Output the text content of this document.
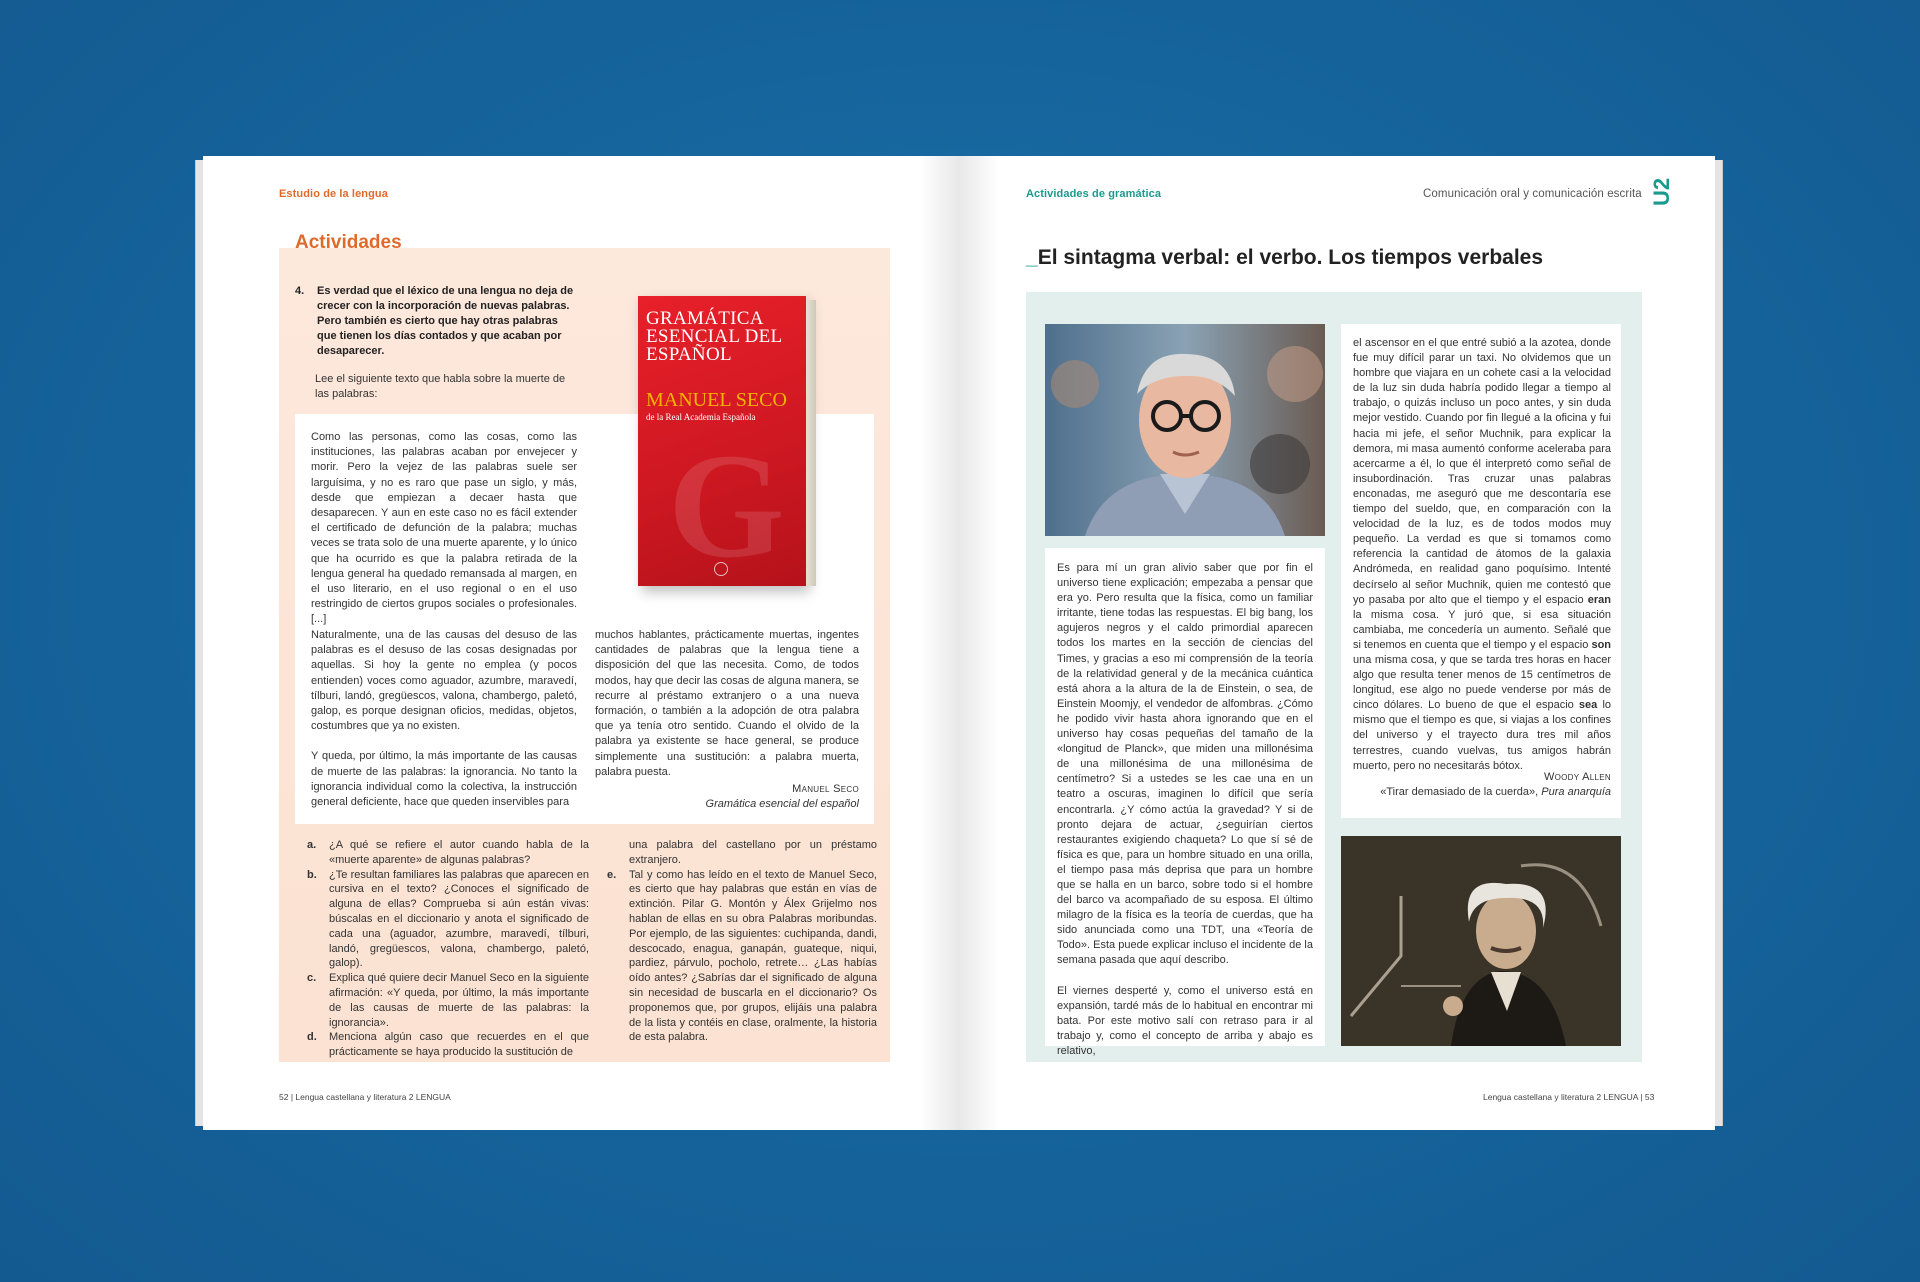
Estudio de la lengua
Actividades
4.	Es verdad que el léxico de una lengua no deja de crecer con la incorporación de nuevas palabras. Pero también es cierto que hay otras palabras que tienen los días contados y que acaban por desaparecer.
Lee el siguiente texto que habla sobre la muerte de las palabras:
G
GRAMÁTICA ESENCIAL DEL ESPAÑOL
MANUEL SECO
de la Real Academia Española

Como las personas, como las cosas, como las instituciones, las palabras acaban por envejecer y morir. Pero la vejez de las palabras suele ser larguísima, y no es raro que pase un siglo, y más, desde que empiezan a decaer hasta que desaparecen. Y aun en este caso no es fácil extender el certificado de defunción de la palabra; muchas veces se trata solo de una muerte aparente, y lo único que ha ocurrido es que la palabra retirada de la lengua general ha quedado remansada al margen, en el uso literario, en el uso regional o en el uso restringido de ciertos grupos sociales o profesionales. [...]

Naturalmente, una de las causas del desuso de las palabras es el desuso de las cosas designadas por aquellas. Si hoy la gente no emplea (y pocos entienden) voces como aguador, azumbre, maravedí, tílburi, landó, gregüescos, valona, chambergo, paletó, galop, es porque designan oficios, medidas, objetos, costumbres que ya no existen.

Y queda, por último, la más importante de las causas de muerte de las palabras: la ignorancia. No tanto la ignorancia individual como la colectiva, la instrucción general deficiente, hace que queden inservibles para

muchos hablantes, prácticamente muertas, ingentes cantidades de palabras que la lengua tiene a disposición del que las necesita. Como, de todos modos, hay que decir las cosas de alguna manera, se recurre al préstamo extranjero o a una nueva formación, o también a la adopción de otra palabra que ya tenía otro sentido. Cuando el olvido de la palabra ya existente se hace general, se produce simplemente una sustitución: a palabra muerta, palabra puesta.

Manuel Seco
Gramática esencial del español
a. ¿A qué se refiere el autor cuando habla de la «muerte aparente» de algunas palabras?
b. ¿Te resultan familiares las palabras que aparecen en cursiva en el texto? ¿Conoces el significado de alguna de ellas? Comprueba si aún están vivas: búscalas en el diccionario y anota el significado de cada una (aguador, azumbre, maravedí, tílburi, landó, gregüescos, valona, chambergo, paletó, galop).
c. Explica qué quiere decir Manuel Seco en la siguiente afirmación: «Y queda, por último, la más importante de las causas de muerte de las palabras: la ignorancia».
d. Menciona algún caso que recuerdes en el que prácticamente se haya producido la sustitución de
una palabra del castellano por un préstamo extranjero.
e. Tal y como has leído en el texto de Manuel Seco, es cierto que hay palabras que están en vías de extinción. Pilar G. Montón y Álex Grijelmo nos hablan de ellas en su obra Palabras moribundas. Por ejemplo, de las siguientes: cuchipanda, dandi, descocado, enagua, ganapán, guateque, niqui, pardiez, párvulo, pocholo, retrete… ¿Las habías oído antes? ¿Sabrías dar el significado de alguna sin necesidad de buscarla en el diccionario? Os proponemos que, por grupos, elijáis una palabra de la lista y contéis en clase, oralmente, la historia de esta palabra.
52 | Lengua castellana y literatura 2 LENGUA
Actividades de gramática	Comunicación oral y comunicación escrita U2
_El sintagma verbal: el verbo. Los tiempos verbales

Es para mí un gran alivio saber que por fin el universo tiene explicación; empezaba a pensar que era yo. Pero resulta que la física, como un familiar irritante, tiene todas las respuestas. El big bang, los agujeros negros y el caldo primordial aparecen todos los martes en la sección de ciencias del Times, y gracias a eso mi comprensión de la teoría de la relatividad general y de la mecánica cuántica está ahora a la altura de la de Einstein, o sea, de Einstein Moomjy, el vendedor de alfombras. ¿Cómo he podido vivir hasta ahora ignorando que en el universo hay cosas pequeñas del tamaño de la «longitud de Planck», que miden una millonésima de una millonésima de una millonésima de centímetro? Si a ustedes se les cae una en un teatro a oscuras, imaginen lo difícil que sería encontrarla. ¿Y cómo actúa la gravedad? Y si de pronto dejara de actuar, ¿seguirían ciertos restaurantes exigiendo chaqueta? Lo que sí sé de física es que, para un hombre situado en una orilla, el tiempo pasa más deprisa que para un hombre que se halla en un barco, sobre todo si el hombre del barco va acompañado de su esposa. El último milagro de la física es la teoría de cuerdas, que ha sido anunciada como una TDT, una «Teoría de Todo». Esta puede explicar incluso el incidente de la semana pasada que aquí describo.

El viernes desperté y, como el universo está en expansión, tardé más de lo habitual en encontrar mi bata. Por este motivo salí con retraso para ir al trabajo y, como el concepto de arriba y abajo es relativo,

el ascensor en el que entré subió a la azotea, donde fue muy difícil parar un taxi. No olvidemos que un hombre que viajara en un cohete casi a la velocidad de la luz sin duda habría podido llegar a tiempo al trabajo, o quizás incluso un poco antes, y sin duda mejor vestido. Cuando por fin llegué a la oficina y fui hacia mi jefe, el señor Muchnik, para explicar la demora, mi masa aumentó conforme aceleraba para acercarme a él, lo que él interpretó como señal de insubordinación. Tras cruzar unas palabras enconadas, me aseguró que me descontaría ese tiempo del sueldo, que, en comparación con la velocidad de la luz, es de todos modos muy pequeño. La verdad es que si tomamos como referencia la cantidad de átomos de la galaxia Andrómeda, en realidad gano poquísimo. Intenté decírselo al señor Muchnik, quien me contestó que yo pasaba por alto que el tiempo y el espacio eran la misma cosa. Y juró que, si esa situación cambiaba, me concedería un aumento. Señalé que si tenemos en cuenta que el tiempo y el espacio son una misma cosa, y que se tarda tres horas en hacer algo que resulta tener menos de 15 centímetros de longitud, ese algo no puede venderse por más de cinco dólares. Lo bueno de que el espacio sea lo mismo que el tiempo es que, si viajas a los confines del universo y el trayecto dura tres mil años terrestres, cuando vuelvas, tus amigos habrán muerto, pero no necesitarás bótox.

Woody Allen
«Tirar demasiado de la cuerda», Pura anarquía
Lengua castellana y literatura 2 LENGUA | 53
